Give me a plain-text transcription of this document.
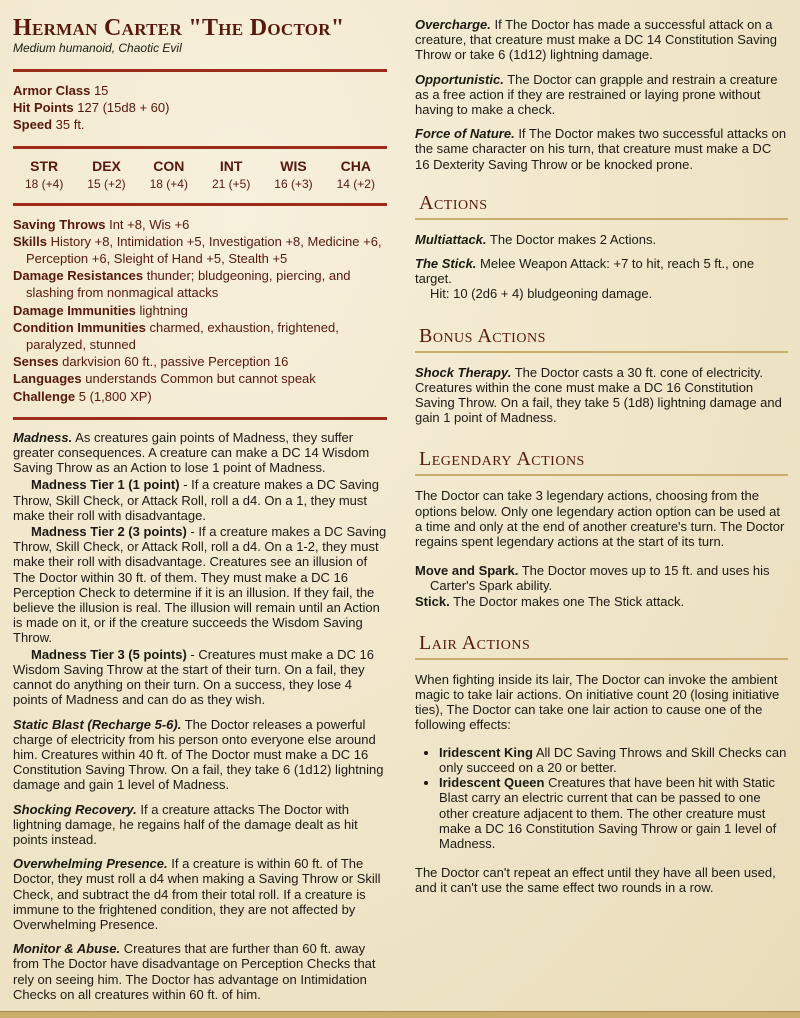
Herman Carter "The Doctor"
Medium humanoid, Chaotic Evil
Armor Class 15
Hit Points 127 (15d8 + 60)
Speed 35 ft.
STR
18 (+4)
DEX
15 (+2)
CON
18 (+4)
INT
21 (+5)
WIS
16 (+3)
CHA
14 (+2)
Saving Throws Int +8, Wis +6
Skills History +8, Intimidation +5, Investigation +8, Medicine +6, Perception +6, Sleight of Hand +5, Stealth +5
Damage Resistances thunder; bludgeoning, piercing, and slashing from nonmagical attacks
Damage Immunities lightning
Condition Immunities charmed, exhaustion, frightened, paralyzed, stunned
Senses darkvision 60 ft., passive Perception 16
Languages understands Common but cannot speak
Challenge 5 (1,800 XP)
Madness. As creatures gain points of Madness, they suffer greater consequences. A creature can make a DC 14 Wisdom Saving Throw as an Action to lose 1 point of Madness.
Madness Tier 1 (1 point) - If a creature makes a DC Saving Throw, Skill Check, or Attack Roll, roll a d4. On a 1, they must make their roll with disadvantage.
Madness Tier 2 (3 points) - If a creature makes a DC Saving Throw, Skill Check, or Attack Roll, roll a d4. On a 1-2, they must make their roll with disadvantage. Creatures see an illusion of The Doctor within 30 ft. of them. They must make a DC 16 Perception Check to determine if it is an illusion. If they fail, the believe the illusion is real. The illusion will remain until an Action is made on it, or if the creature succeeds the Wisdom Saving Throw.
Madness Tier 3 (5 points) - Creatures must make a DC 16 Wisdom Saving Throw at the start of their turn. On a fail, they cannot do anything on their turn. On a success, they lose 4 points of Madness and can do as they wish.
Static Blast (Recharge 5-6). The Doctor releases a powerful charge of electricity from his person onto everyone else around him. Creatures within 40 ft. of The Doctor must make a DC 16 Constitution Saving Throw. On a fail, they take 6 (1d12) lightning damage and gain 1 level of Madness.
Shocking Recovery. If a creature attacks The Doctor with lightning damage, he regains half of the damage dealt as hit points instead.
Overwhelming Presence. If a creature is within 60 ft. of The Doctor, they must roll a d4 when making a Saving Throw or Skill Check, and subtract the d4 from their total roll. If a creature is immune to the frightened condition, they are not affected by Overwhelming Presence.
Monitor & Abuse. Creatures that are further than 60 ft. away from The Doctor have disadvantage on Perception Checks that rely on seeing him. The Doctor has advantage on Intimidation Checks on all creatures within 60 ft. of him.
Overcharge. If The Doctor has made a successful attack on a creature, that creature must make a DC 14 Constitution Saving Throw or take 6 (1d12) lightning damage.
Opportunistic. The Doctor can grapple and restrain a creature as a free action if they are restrained or laying prone without having to make a check.
Force of Nature. If The Doctor makes two successful attacks on the same character on his turn, that creature must make a DC 16 Dexterity Saving Throw or be knocked prone.
Actions
Multiattack. The Doctor makes 2 Actions.
The Stick. Melee Weapon Attack: +7 to hit, reach 5 ft., one target.
Hit: 10 (2d6 + 4) bludgeoning damage.
Bonus Actions
Shock Therapy. The Doctor casts a 30 ft. cone of electricity. Creatures within the cone must make a DC 16 Constitution Saving Throw. On a fail, they take 5 (1d8) lightning damage and gain 1 point of Madness.
Legendary Actions
The Doctor can take 3 legendary actions, choosing from the options below. Only one legendary action option can be used at a time and only at the end of another creature's turn. The Doctor regains spent legendary actions at the start of its turn.
Move and Spark. The Doctor moves up to 15 ft. and uses his Carter's Spark ability.
Stick. The Doctor makes one The Stick attack.
Lair Actions
When fighting inside its lair, The Doctor can invoke the ambient magic to take lair actions. On initiative count 20 (losing initiative ties), The Doctor can take one lair action to cause one of the following effects:
• Iridescent King All DC Saving Throws and Skill Checks can only succeed on a 20 or better.
• Iridescent Queen Creatures that have been hit with Static Blast carry an electric current that can be passed to one other creature adjacent to them. The other creature must make a DC 16 Constitution Saving Throw or gain 1 level of Madness.
The Doctor can't repeat an effect until they have all been used, and it can't use the same effect two rounds in a row.
